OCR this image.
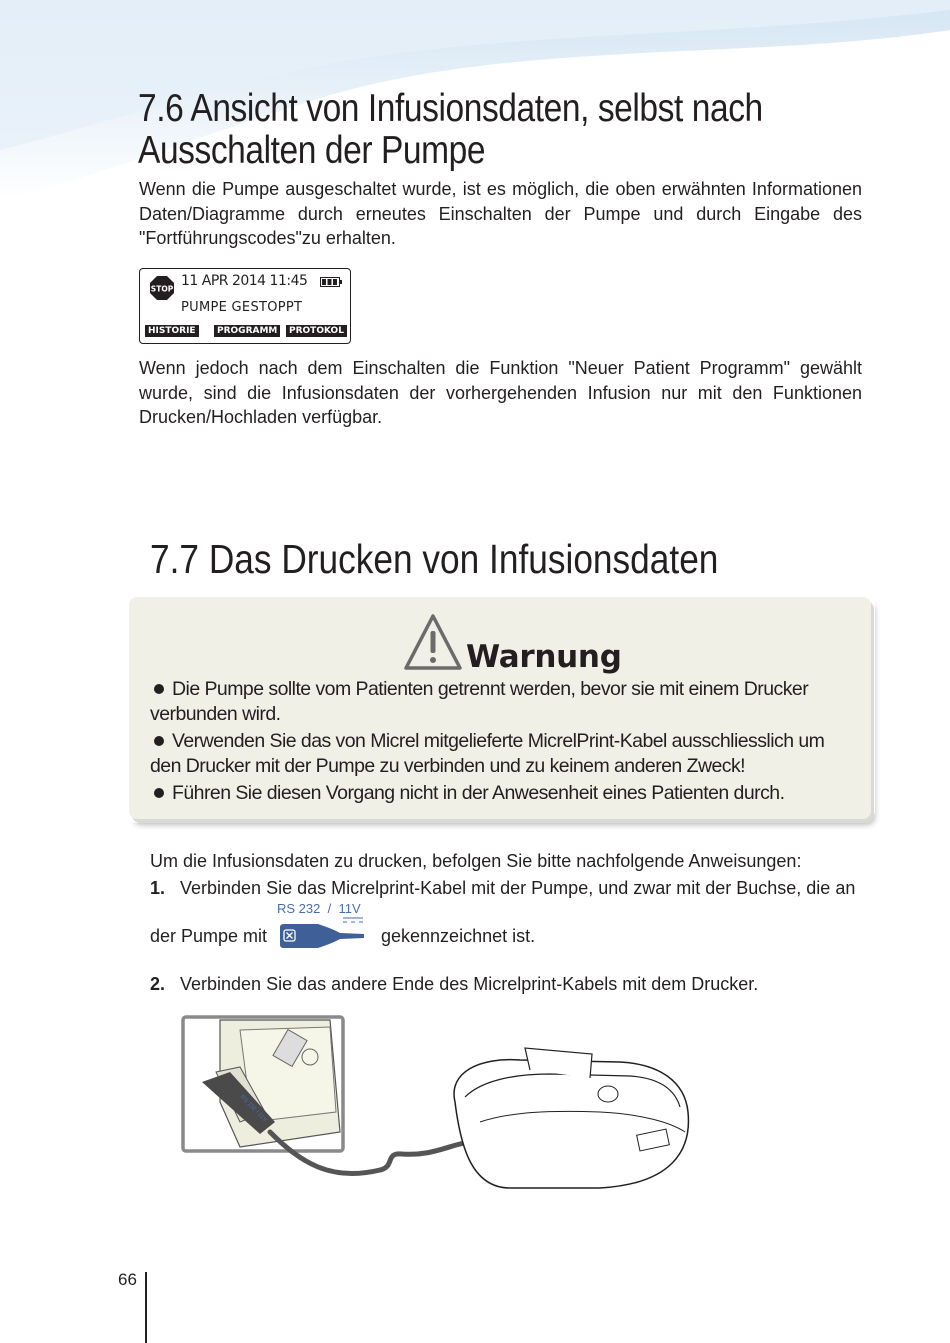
7.6 Ansicht von Infusionsdaten, selbst nach Ausschalten der Pumpe

Wenn die Pumpe ausgeschaltet wurde, ist es möglich, die oben erwähnten Informationen Daten/Diagramme durch erneutes Einschalten der Pumpe und durch Eingabe des "Fortführungscodes"zu erhalten.

STOP 11 APR 2014 11:45
PUMPE GESTOPPT
HISTORIE	PROGRAMM	PROTOKOL

Wenn jedoch nach dem Einschalten die Funktion "Neuer Patient Programm" gewählt wurde, sind die Infusionsdaten der vorhergehenden Infusion nur mit den Funktionen Drucken/Hochladen verfügbar.

7.7 Das Drucken von Infusionsdaten
Warnung
Die Pumpe sollte vom Patienten getrennt werden, bevor sie mit einem Drucker verbunden wird.
Verwenden Sie das von Micrel mitgelieferte MicrelPrint-Kabel ausschliesslich um den Drucker mit der Pumpe zu verbinden und zu keinem anderen Zweck!
Führen Sie diesen Vorgang nicht in der Anwesenheit eines Patienten durch.
Um die Infusionsdaten zu drucken, befolgen Sie bitte nachfolgende Anweisungen:
1. Verbinden Sie das Micrelprint-Kabel mit der Pumpe, und zwar mit der Buchse, die an
RS 232 / 11V
der Pumpe mit	gekennzeichnet ist.
2. Verbinden Sie das andere Ende des Micrelprint-Kabels mit dem Drucker.
RS 232 / 11V
66
